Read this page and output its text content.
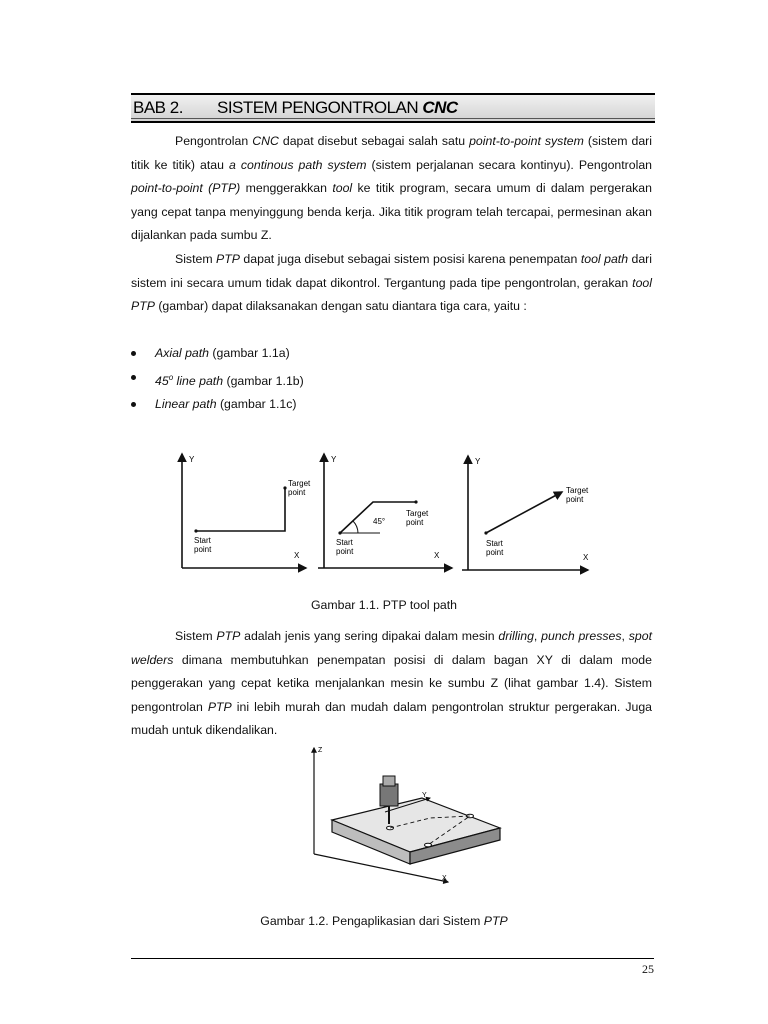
BAB 2. SISTEM PENGONTROLAN CNC

Pengontrolan CNC dapat disebut sebagai salah satu point-to-point system (sistem dari titik ke titik) atau a continous path system (sistem perjalanan secara kontinyu). Pengontrolan point-to-point (PTP) menggerakkan tool ke titik program, secara umum di dalam pergerakan yang cepat tanpa menyinggung benda kerja. Jika titik program telah tercapai, permesinan akan dijalankan pada sumbu Z.

Sistem PTP dapat juga disebut sebagai sistem posisi karena penempatan tool path dari sistem ini secara umum tidak dapat dikontrol. Tergantung pada tipe pengontrolan, gerakan tool PTP (gambar) dapat dilaksanakan dengan satu diantara tiga cara, yaitu :

Axial path (gambar 1.1a)
45$^o$ line path (gambar 1.1b)
Linear path (gambar 1.1c)
Y
X
Target
point
Start
point
Y
X
45°
Target
point
Start
point
Y
X
Target
point
Start
point
Gambar 1.1. PTP tool path

Sistem PTP adalah jenis yang sering dipakai dalam mesin drilling, punch presses, spot welders dimana membutuhkan penempatan posisi di dalam bagan XY di dalam mode penggerakan yang cepat ketika menjalankan mesin ke sumbu Z (lihat gambar 1.4). Sistem pengontrolan PTP ini lebih murah dan mudah dalam pengontrolan struktur pergerakan. Juga mudah untuk dikendalikan.

Z
X
Y
Gambar 1.2. Pengaplikasian dari Sistem PTP
25
